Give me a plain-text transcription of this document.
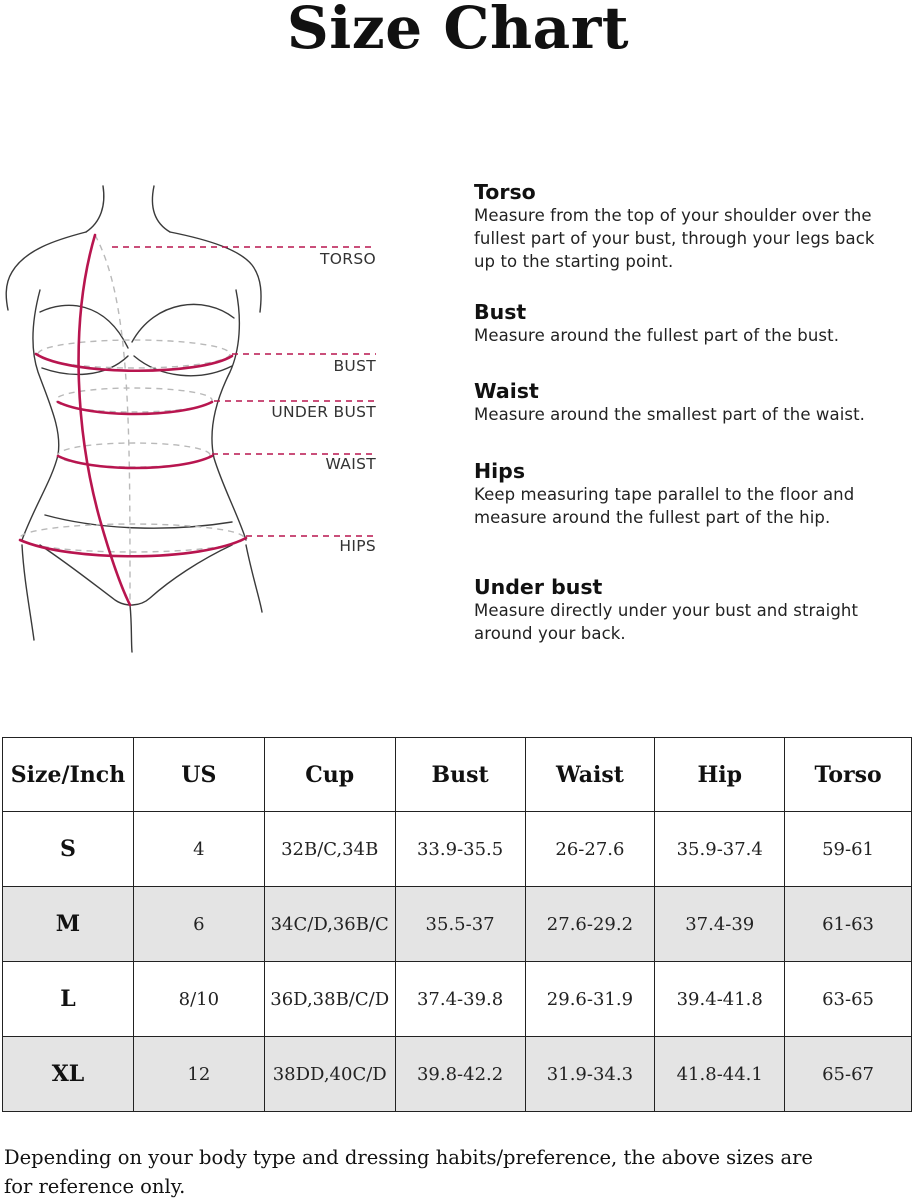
Size Chart
TORSO
BUST
UNDER BUST
WAIST
HIPS
Torso
Measure from the top of your shoulder over the
fullest part of your bust, through your legs back
up to the starting point.
Bust
Measure around the fullest part of the bust.
Waist
Measure around the smallest part of the waist.
Hips
Keep measuring tape parallel to the floor and
measure around the fullest part of the hip.
Under bust
Measure directly under your bust and straight
around your back.
Size/Inch	US	Cup	Bust	Waist	Hip	Torso
S	4	32B/C,34B	33.9-35.5	26-27.6	35.9-37.4	59-61
M	6	34C/D,36B/C	35.5-37	27.6-29.2	37.4-39	61-63
L	8/10	36D,38B/C/D	37.4-39.8	29.6-31.9	39.4-41.8	63-65
XL	12	38DD,40C/D	39.8-42.2	31.9-34.3	41.8-44.1	65-67
Depending on your body type and dressing habits/preference, the above sizes are
for reference only.
